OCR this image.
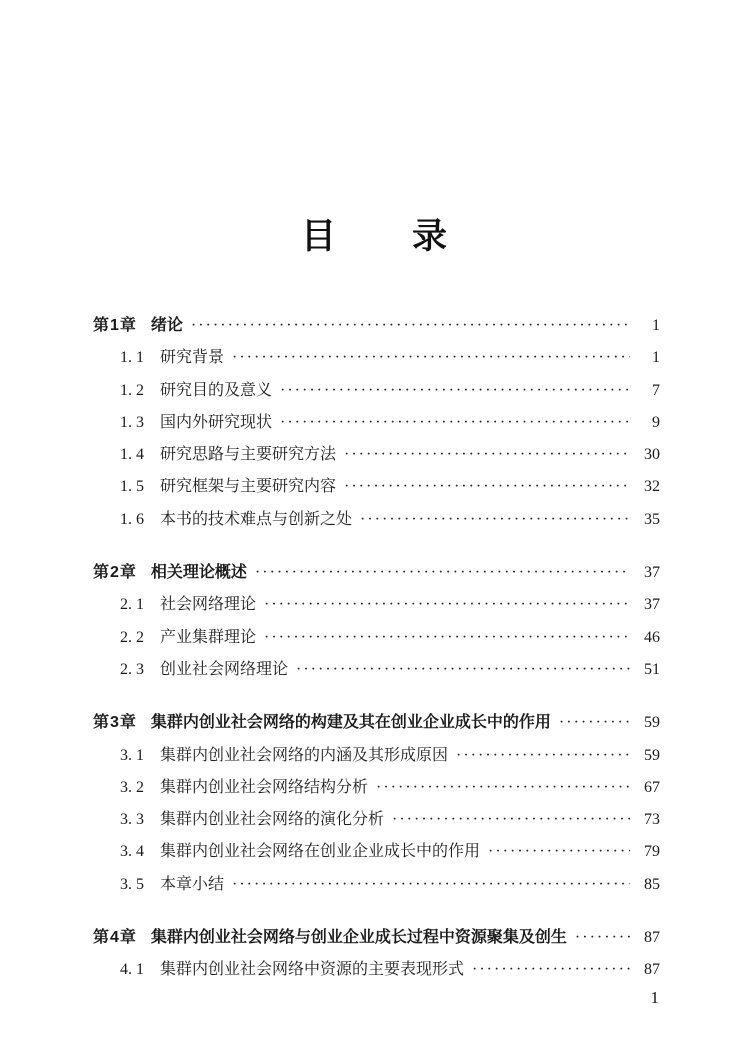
目　　录
第1章 绪论 ·····	1
1. 1	研究背景 ·····	1
1. 2	研究目的及意义 ·····	7
1. 3	国内外研究现状 ·····	9
1. 4	研究思路与主要研究方法 ·····	30
1. 5	研究框架与主要研究内容 ·····	32
1. 6	本书的技术难点与创新之处 ·····	35
第2章 相关理论概述 ·····	37
2. 1	社会网络理论 ·····	37
2. 2	产业集群理论 ·····	46
2. 3	创业社会网络理论 ·····	51
第3章 集群内创业社会网络的构建及其在创业企业成长中的作用 ·····	59
3. 1	集群内创业社会网络的内涵及其形成原因 ·····	59
3. 2	集群内创业社会网络结构分析 ·····	67
3. 3	集群内创业社会网络的演化分析 ·····	73
3. 4	集群内创业社会网络在创业企业成长中的作用 ·····	79
3. 5	本章小结 ·····	85
第4章 集群内创业社会网络与创业企业成长过程中资源聚集及创生 ·····	87
4. 1	集群内创业社会网络中资源的主要表现形式 ·····	87
1
